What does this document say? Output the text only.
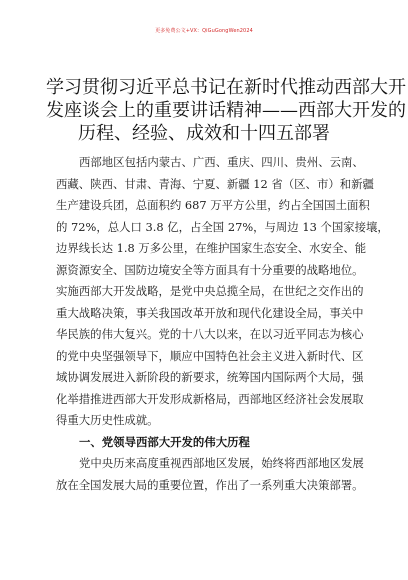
更多免费公文+VX：QiGuGongWen2024
学习贯彻习近平总书记在新时代推动西部大开
发座谈会上的重要讲话精神——西部大开发的
历程、经验、成效和十四五部署
西部地区包括内蒙古、广西、重庆、四川、贵州、云南、
西藏、陕西、甘肃、青海、宁夏、新疆 12 省（区、市）和新疆
生产建设兵团，总面积约 687 万平方公里，约占全国国土面积
的 72%，总人口 3.8 亿，占全国 27%，与周边 13 个国家接壤，
边界线长达 1.8 万多公里，在维护国家生态安全、水安全、能
源资源安全、国防边境安全等方面具有十分重要的战略地位。
实施西部大开发战略，是党中央总揽全局，在世纪之交作出的
重大战略决策，事关我国改革开放和现代化建设全局，事关中
华民族的伟大复兴。党的十八大以来，在以习近平同志为核心
的党中央坚强领导下，顺应中国特色社会主义进入新时代、区
域协调发展进入新阶段的新要求，统筹国内国际两个大局，强
化举措推进西部大开发形成新格局，西部地区经济社会发展取
得重大历史性成就。
一、党领导西部大开发的伟大历程
党中央历来高度重视西部地区发展，始终将西部地区发展
放在全国发展大局的重要位置，作出了一系列重大决策部署。
